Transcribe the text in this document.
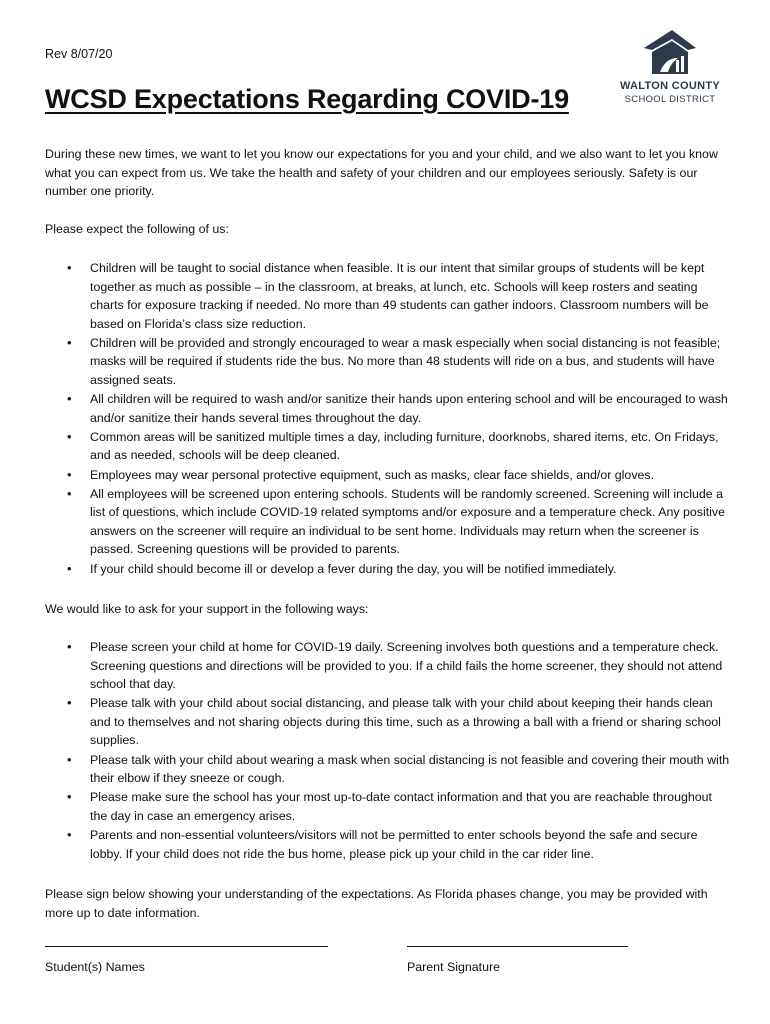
Rev 8/07/20
WALTON COUNTY
SCHOOL DISTRICT
WCSD Expectations Regarding COVID-19

During these new times, we want to let you know our expectations for you and your child, and we also want to let you know what you can expect from us. We take the health and safety of your children and our employees seriously. Safety is our number one priority.

Please expect the following of us:
• Children will be taught to social distance when feasible. It is our intent that similar groups of students will be kept together as much as possible – in the classroom, at breaks, at lunch, etc. Schools will keep rosters and seating charts for exposure tracking if needed. No more than 49 students can gather indoors. Classroom numbers will be based on Florida’s class size reduction.
• Children will be provided and strongly encouraged to wear a mask especially when social distancing is not feasible; masks will be required if students ride the bus. No more than 48 students will ride on a bus, and students will have assigned seats.
• All children will be required to wash and/or sanitize their hands upon entering school and will be encouraged to wash and/or sanitize their hands several times throughout the day.
• Common areas will be sanitized multiple times a day, including furniture, doorknobs, shared items, etc. On Fridays, and as needed, schools will be deep cleaned.
• Employees may wear personal protective equipment, such as masks, clear face shields, and/or gloves.
• All employees will be screened upon entering schools. Students will be randomly screened. Screening will include a list of questions, which include COVID-19 related symptoms and/or exposure and a temperature check. Any positive answers on the screener will require an individual to be sent home. Individuals may return when the screener is passed. Screening questions will be provided to parents.
• If your child should become ill or develop a fever during the day, you will be notified immediately.
We would like to ask for your support in the following ways:
• Please screen your child at home for COVID-19 daily. Screening involves both questions and a temperature check. Screening questions and directions will be provided to you. If a child fails the home screener, they should not attend school that day.
• Please talk with your child about social distancing, and please talk with your child about keeping their hands clean and to themselves and not sharing objects during this time, such as a throwing a ball with a friend or sharing school supplies.
• Please talk with your child about wearing a mask when social distancing is not feasible and covering their mouth with their elbow if they sneeze or cough.
• Please make sure the school has your most up-to-date contact information and that you are reachable throughout the day in case an emergency arises.
• Parents and non-essential volunteers/visitors will not be permitted to enter schools beyond the safe and secure lobby. If your child does not ride the bus home, please pick up your child in the car rider line.

Please sign below showing your understanding of the expectations. As Florida phases change, you may be provided with more up to date information.

Student(s) Names	Parent Signature
